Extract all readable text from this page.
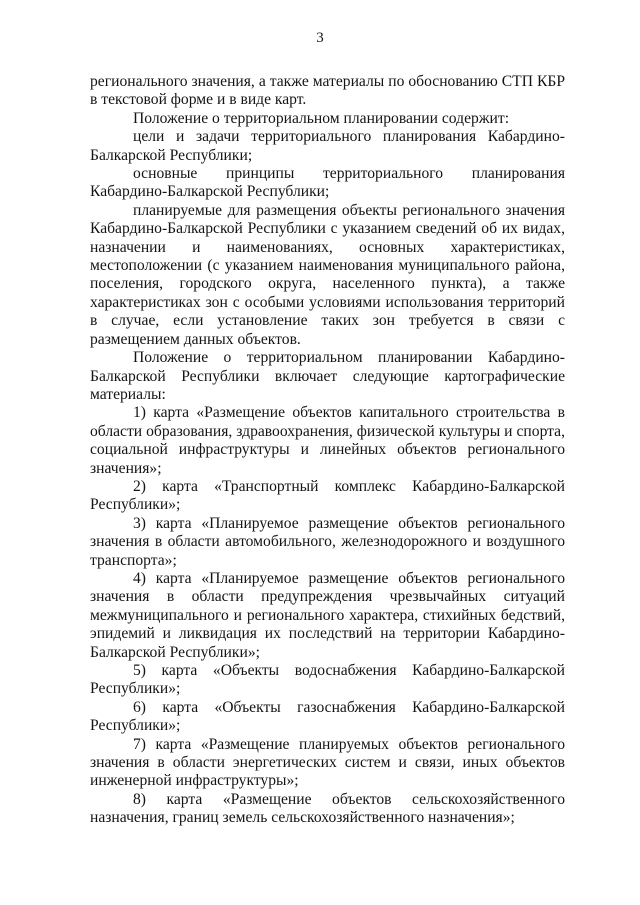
3

регионального значения, а также материалы по обоснованию СТП КБР в текстовой форме и в виде карт.

Положение о территориальном планировании содержит:

цели и задачи территориального планирования Кабардино-Балкарской Республики;

основные принципы территориального планирования Кабардино-Балкарской Республики;

планируемые для размещения объекты регионального значения Кабардино-Балкарской Республики с указанием сведений об их видах, назначении и наименованиях, основных характеристиках, местоположении (с указанием наименования муниципального района, поселения, городского округа, населенного пункта), а также характеристиках зон с особыми условиями использования территорий в случае, если установление таких зон требуется в связи с размещением данных объектов.

Положение о территориальном планировании Кабардино-Балкарской Республики включает следующие картографические материалы:

1) карта «Размещение объектов капитального строительства в области образования, здравоохранения, физической культуры и спорта, социальной инфраструктуры и линейных объектов регионального значения»;

2) карта «Транспортный комплекс Кабардино-Балкарской Республики»;

3) карта «Планируемое размещение объектов регионального значения в области автомобильного, железнодорожного и воздушного транспорта»;

4) карта «Планируемое размещение объектов регионального значения в области предупреждения чрезвычайных ситуаций межмуниципального и регионального характера, стихийных бедствий, эпидемий и ликвидация их последствий на территории Кабардино-Балкарской Республики»;

5) карта «Объекты водоснабжения Кабардино-Балкарской Республики»;

6) карта «Объекты газоснабжения Кабардино-Балкарской Республики»;

7) карта «Размещение планируемых объектов регионального значения в области энергетических систем и связи, иных объектов инженерной инфраструктуры»;

8) карта «Размещение объектов сельскохозяйственного назначения, границ земель сельскохозяйственного назначения»;
